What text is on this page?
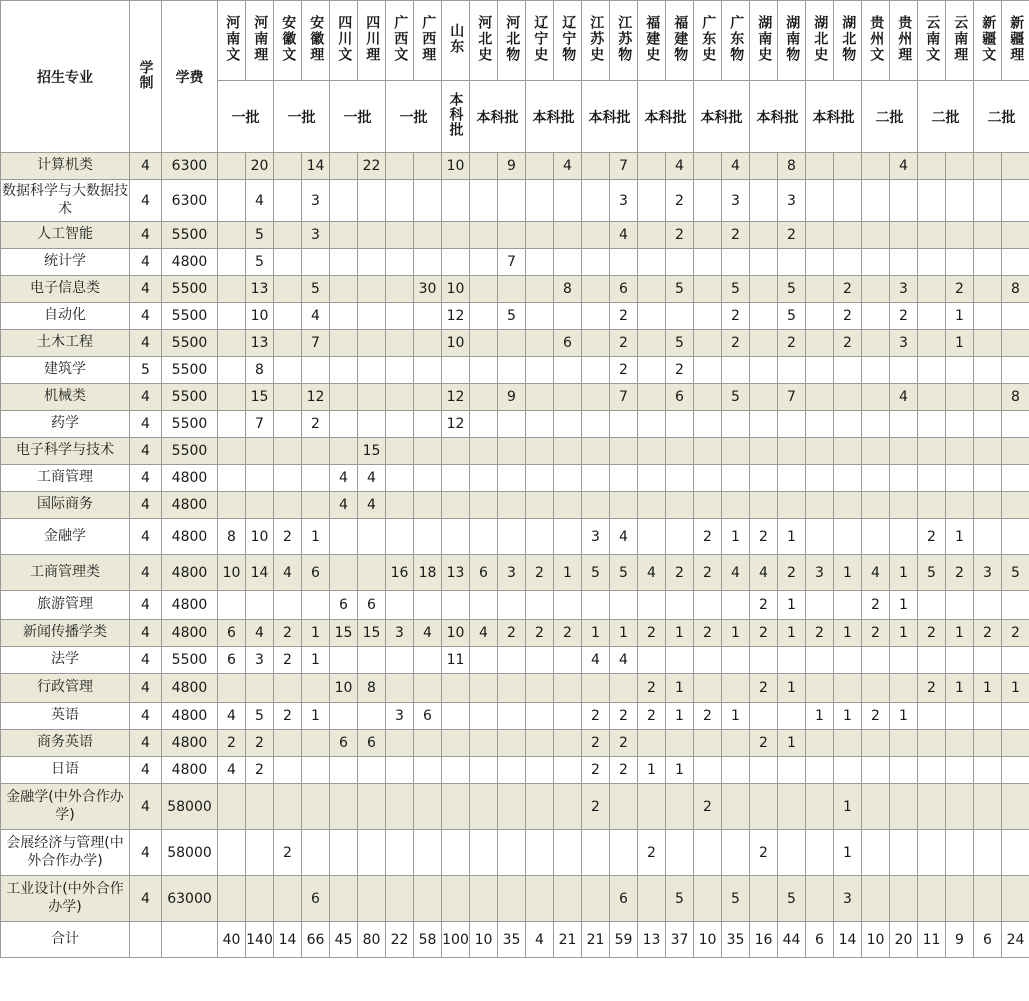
招生专业	学制	学费	河南文	河南理	安徽文	安徽理	四川文	四川理	广西文	广西理	山东	河北史	河北物	辽宁史	辽宁物	江苏史	江苏物	福建史	福建物	广东史	广东物	湖南史	湖南物	湖北史	湖北物	贵州文	贵州理	云南文	云南理	新疆文	新疆理
			一批		一批		一批		一批		本科批	本科批		本科批		本科批		本科批		本科批		本科批		本科批		二批		二批		二批	
计算机类	4	6300		20		14		22			10		9		4		7		4		4		8				4				
数据科学与大数据技术	4	6300		4		3											3		2		3		3								
人工智能	4	5500		5		3											4		2		2		2								
统计学	4	4800		5									7																		
电子信息类	4	5500		13		5				30	10				8		6		5		5		5		2		3		2		8
自动化	4	5500		10		4					12		5				2				2		5		2		2		1		
土木工程	4	5500		13		7					10				6		2		5		2		2		2		3		1		
建筑学	5	5500		8													2		2												
机械类	4	5500		15		12					12		9				7		6		5		7				4				8
药学	4	5500		7		2					12																				
电子科学与技术	4	5500						15																							
工商管理	4	4800					4	4																							
国际商务	4	4800					4	4																							
金融学	4	4800	8	10	2	1										3	4			2	1	2	1					2	1		
工商管理类	4	4800	10	14	4	6			16	18	13	6	3	2	1	5	5	4	2	2	4	4	2	3	1	4	1	5	2	3	5
旅游管理	4	4800					6	6														2	1			2	1				
新闻传播学类	4	4800	6	4	2	1	15	15	3	4	10	4	2	2	2	1	1	2	1	2	1	2	1	2	1	2	1	2	1	2	2
法学	4	5500	6	3	2	1					11					4	4														
行政管理	4	4800					10	8										2	1			2	1					2	1	1	1
英语	4	4800	4	5	2	1			3	6						2	2	2	1	2	1			1	1	2	1				
商务英语	4	4800	2	2			6	6								2	2					2	1								
日语	4	4800	4	2												2	2	1	1												
金融学(中外合作办学)	4	58000														2				2					1						
会展经济与管理(中外合作办学)	4	58000			2													2				2			1						
工业设计(中外合作办学)	4	63000				6											6		5		5		5		3						
合计			40	140	14	66	45	80	22	58	100	10	35	4	21	21	59	13	37	10	35	16	44	6	14	10	20	11	9	6	24
